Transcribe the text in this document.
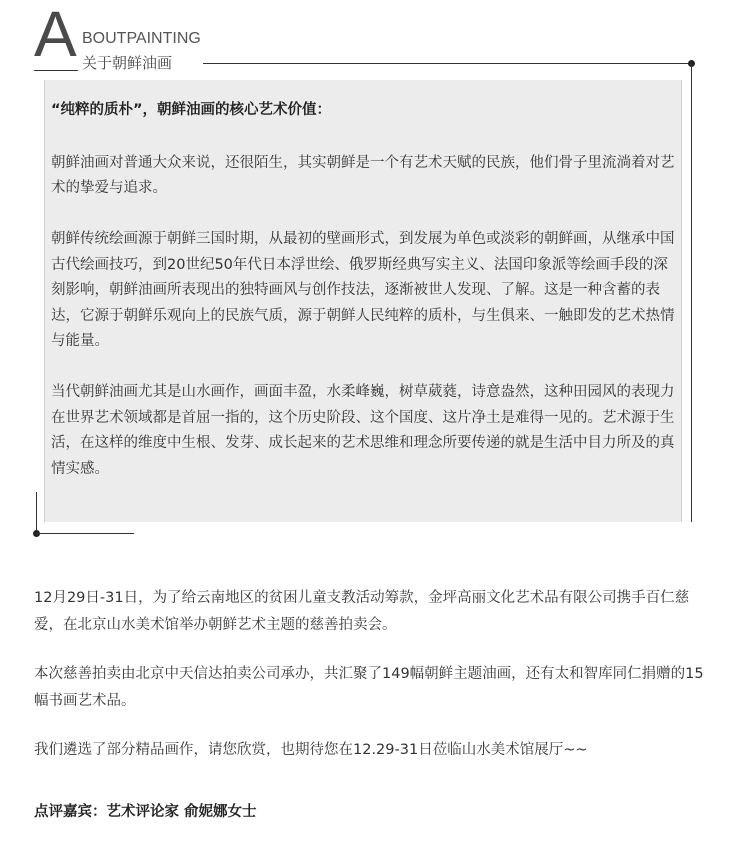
A BOUTPAINTING
关于朝鲜油画

“纯粹的质朴”，朝鲜油画的核心艺术价值：

朝鲜油画对普通大众来说，还很陌生，其实朝鲜是一个有艺术天赋的民族，他们骨子里流淌着对艺术的挚爱与追求。

朝鲜传统绘画源于朝鲜三国时期，从最初的壁画形式，到发展为单色或淡彩的朝鲜画，从继承中国古代绘画技巧，到20世纪50年代日本浮世绘、俄罗斯经典写实主义、法国印象派等绘画手段的深刻影响，朝鲜油画所表现出的独特画风与创作技法，逐渐被世人发现、了解。这是一种含蓄的表达，它源于朝鲜乐观向上的民族气质，源于朝鲜人民纯粹的质朴，与生俱来、一触即发的艺术热情与能量。

当代朝鲜油画尤其是山水画作，画面丰盈，水柔峰巍，树草葳蕤，诗意盎然，这种田园风的表现力在世界艺术领域都是首屈一指的，这个历史阶段、这个国度、这片净土是难得一见的。艺术源于生活，在这样的维度中生根、发芽、成长起来的艺术思维和理念所要传递的就是生活中目力所及的真情实感。

12月29日-31日，为了给云南地区的贫困儿童支教活动筹款，金坪高丽文化艺术品有限公司携手百仁慈爱，在北京山水美术馆举办朝鲜艺术主题的慈善拍卖会。

本次慈善拍卖由北京中天信达拍卖公司承办，共汇聚了149幅朝鲜主题油画，还有太和智库同仁捐赠的15幅书画艺术品。

我们遴选了部分精品画作，请您欣赏，也期待您在12.29-31日莅临山水美术馆展厅~~

点评嘉宾：艺术评论家 俞妮娜女士
